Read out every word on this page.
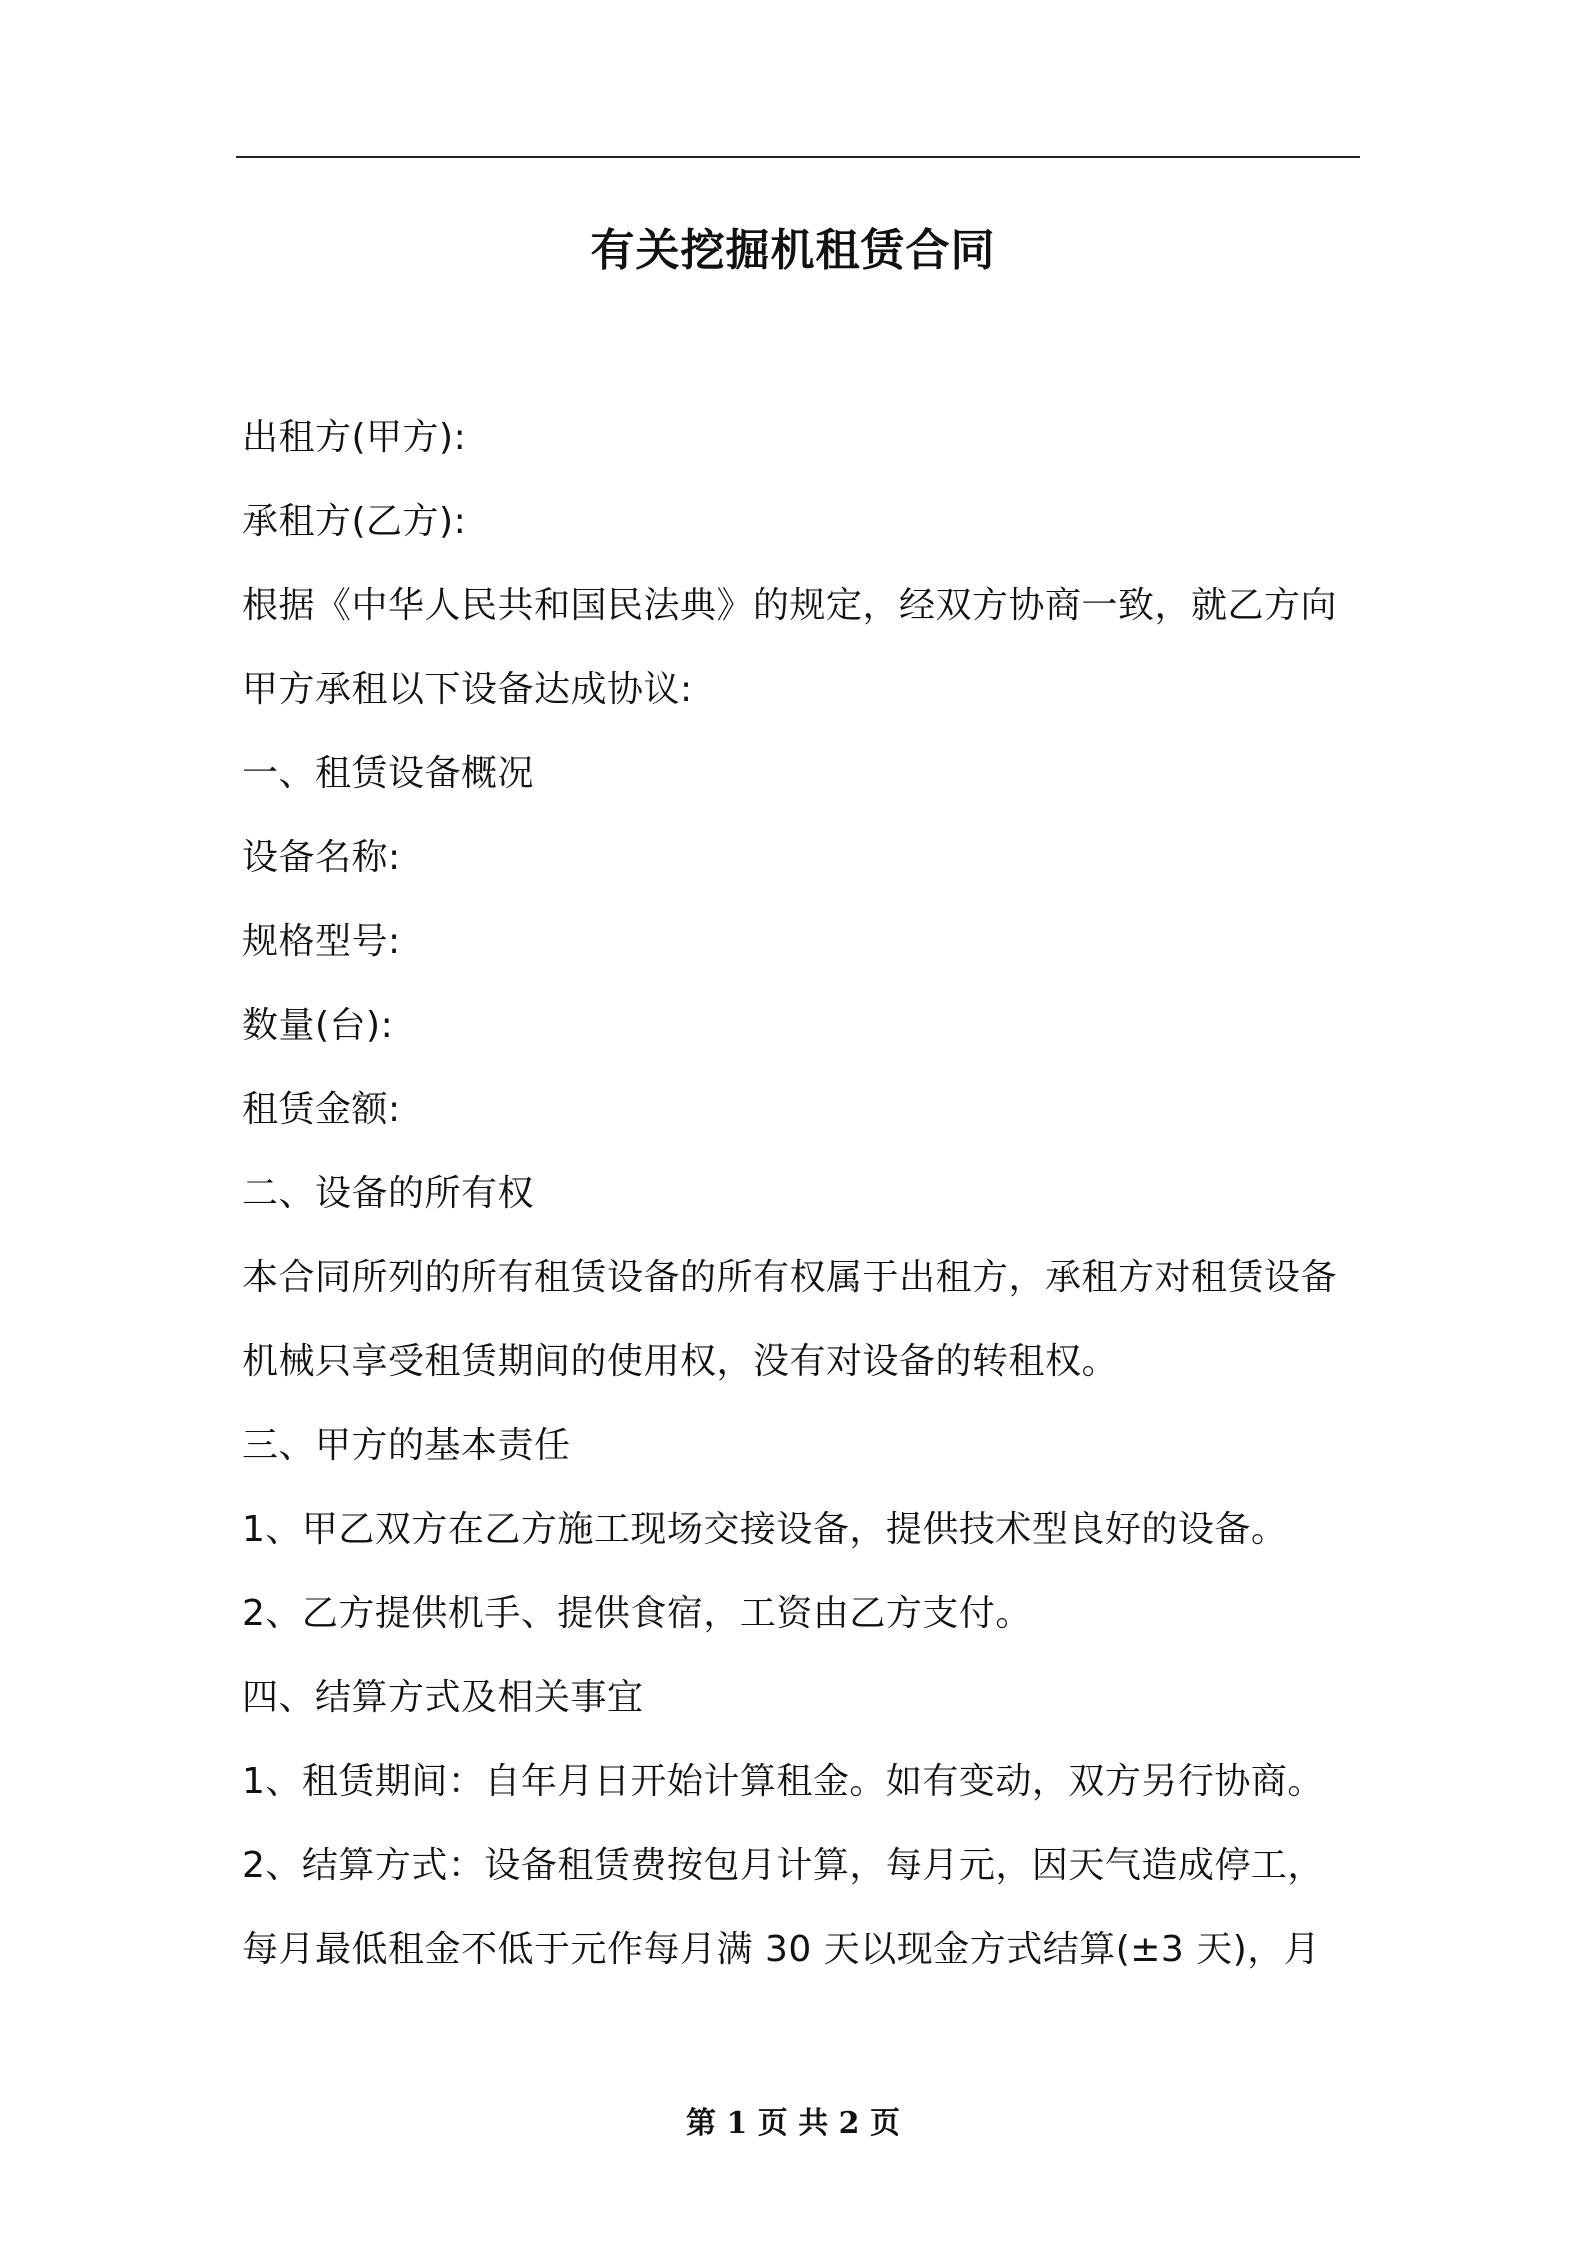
有关挖掘机租赁合同
出租方(甲方):
承租方(乙方):
根据《中华人民共和国民法典》的规定，经双方协商一致，就乙方向
甲方承租以下设备达成协议:
一、租赁设备概况
设备名称:
规格型号:
数量(台):
租赁金额:
二、设备的所有权
本合同所列的所有租赁设备的所有权属于出租方，承租方对租赁设备
机械只享受租赁期间的使用权，没有对设备的转租权。
三、甲方的基本责任
1、甲乙双方在乙方施工现场交接设备，提供技术型良好的设备。
2、乙方提供机手、提供食宿，工资由乙方支付。
四、结算方式及相关事宜
1、租赁期间：自年月日开始计算租金。如有变动，双方另行协商。
2、结算方式：设备租赁费按包月计算，每月元，因天气造成停工，
每月最低租金不低于元作每月满 30 天以现金方式结算(±3 天)，月
第 1 页 共 2 页
